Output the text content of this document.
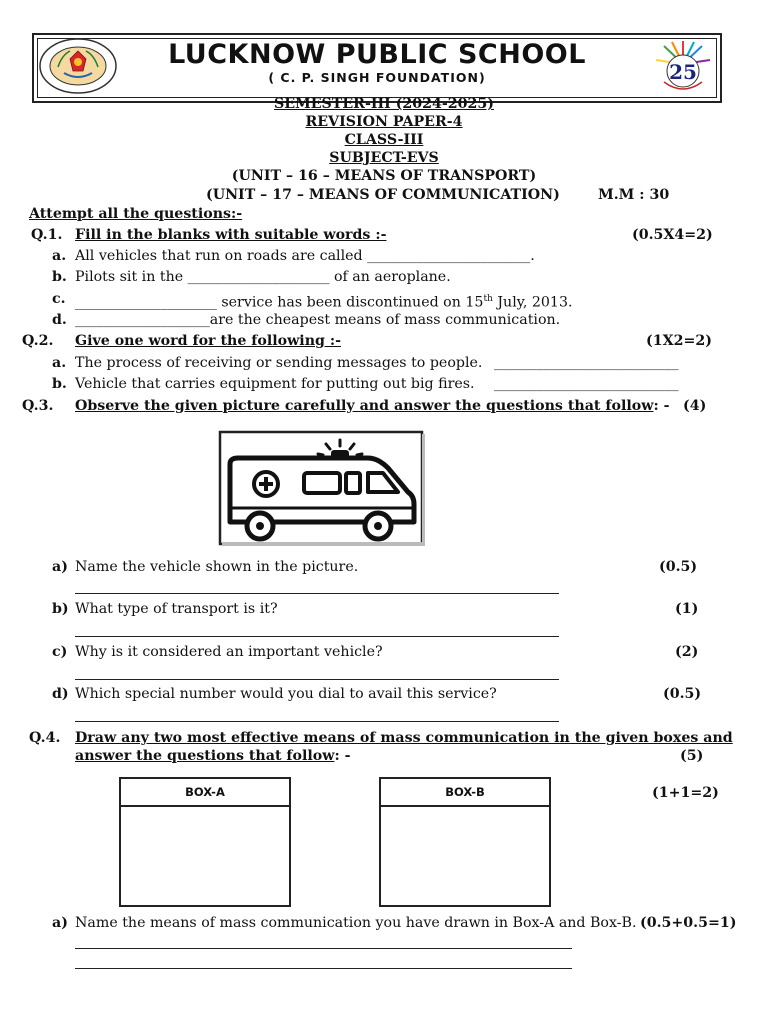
LUCKNOW PUBLIC SCHOOL
( C. P. SINGH FOUNDATION)	25
SEMESTER-III (2024-2025)
REVISION PAPER-4
CLASS-III
SUBJECT-EVS
(UNIT – 16 – MEANS OF TRANSPORT)
(UNIT – 17 – MEANS OF COMMUNICATION)	M.M : 30
Attempt all the questions:-
Q.1. Fill in the blanks with suitable words :-	(0.5X4=2)
a. All vehicles that run on roads are called _______________________.
b. Pilots sit in the ____________________ of an aeroplane.
c. ____________________ service has been discontinued on 15th July, 2013.
d. ___________________are the cheapest means of mass communication.
Q.2. Give one word for the following :-	(1X2=2)
a. The process of receiving or sending messages to people. __________________________
b. Vehicle that carries equipment for putting out big fires. __________________________
Q.3. Observe the given picture carefully and answer the questions that follow: - (4)
a) Name the vehicle shown in the picture.	(0.5)
b) What type of transport is it?	(1)
c) Why is it considered an important vehicle?	(2)
d) Which special number would you dial to avail this service?	(0.5)
Q.4. Draw any two most effective means of mass communication in the given boxes and
answer the questions that follow: -	(5)
BOX-A	BOX-B	(1+1=2)
a) Name the means of mass communication you have drawn in Box-A and Box-B. (0.5+0.5=1)
